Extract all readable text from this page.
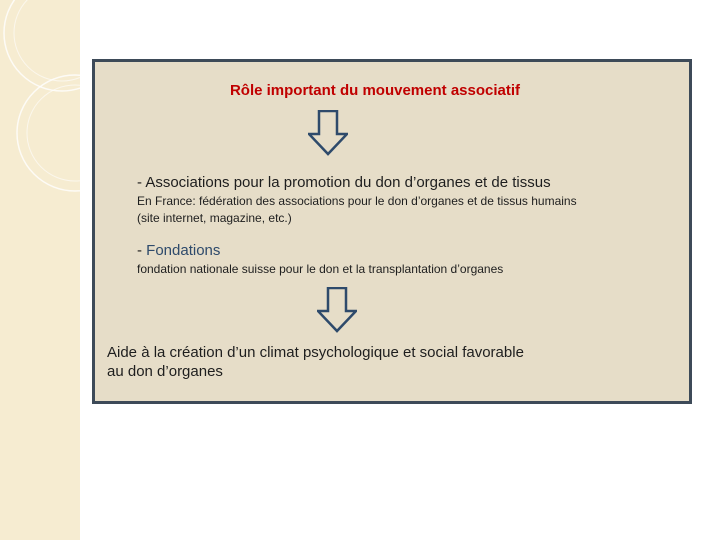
Rôle important du mouvement associatif
- Associations pour la promotion du don d’organes et de tissus
En France: fédération des associations pour le don d’organes et de tissus humains
(site internet, magazine, etc.)
- Fondations
fondation nationale suisse pour le don et la transplantation d’organes
Aide à la création d’un climat psychologique et social favorable
au don d’organes
